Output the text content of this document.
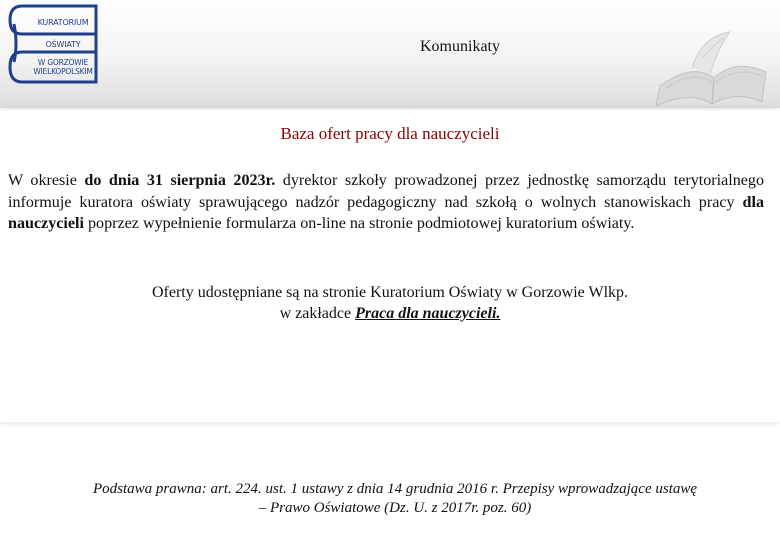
KURATORIUM
OŚWIATY
W GORZOWIE
WIELKOPOLSKIM
Komunikaty
Baza ofert pracy dla nauczycieli
W okresie do dnia 31 sierpnia 2023r. dyrektor szkoły prowadzonej przez jednostkę samorządu terytorialnego informuje kuratora oświaty sprawującego nadzór pedagogiczny nad szkołą o wolnych stanowiskach pracy dla nauczycieli poprzez wypełnienie formularza on-line na stronie podmiotowej kuratorium oświaty.
Oferty udostępniane są na stronie Kuratorium Oświaty w Gorzowie Wlkp.
w zakładce Praca dla nauczycieli.
Podstawa prawna: art. 224. ust. 1 ustawy z dnia 14 grudnia 2016 r. Przepisy wprowadzające ustawę
– Prawo Oświatowe (Dz. U. z 2017r. poz. 60)
